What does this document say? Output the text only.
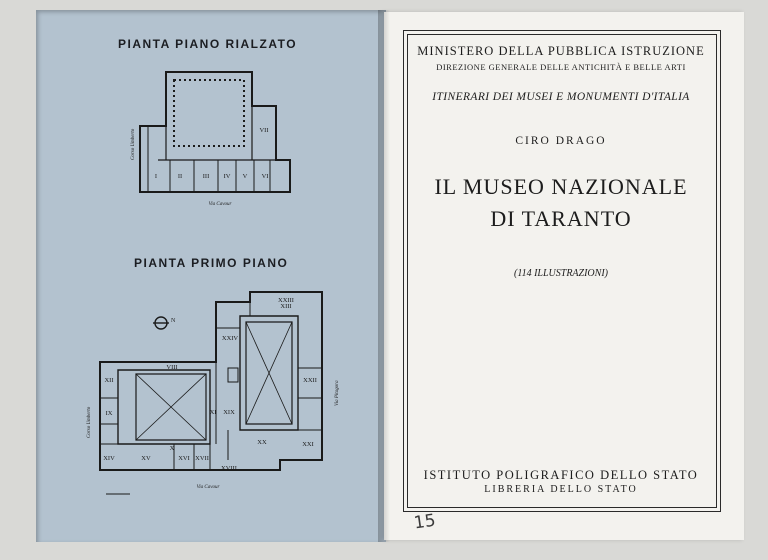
PIANTA PIANO RIALZATO
I	II	III IV V VI
VII
Via Cavour
Corso Umberto
PIANTA PRIMO PIANO
N
VIII
IX
X
XI
XII
XIII
XIV	XV	XVI XVII
XVIII
XIX
XX	XXI
XXII
XXIII
XXIV
Via Cavour
Corso Umberto
Via Pitagora
MINISTERO DELLA PUBBLICA ISTRUZIONE
DIREZIONE GENERALE DELLE ANTICHITÀ E BELLE ARTI
ITINERARI DEI MUSEI E MONUMENTI D'ITALIA
CIRO DRAGO
IL MUSEO NAZIONALE
DI TARANTO
(114 ILLUSTRAZIONI)
ISTITUTO POLIGRAFICO DELLO STATO
LIBRERIA DELLO STATO
15
